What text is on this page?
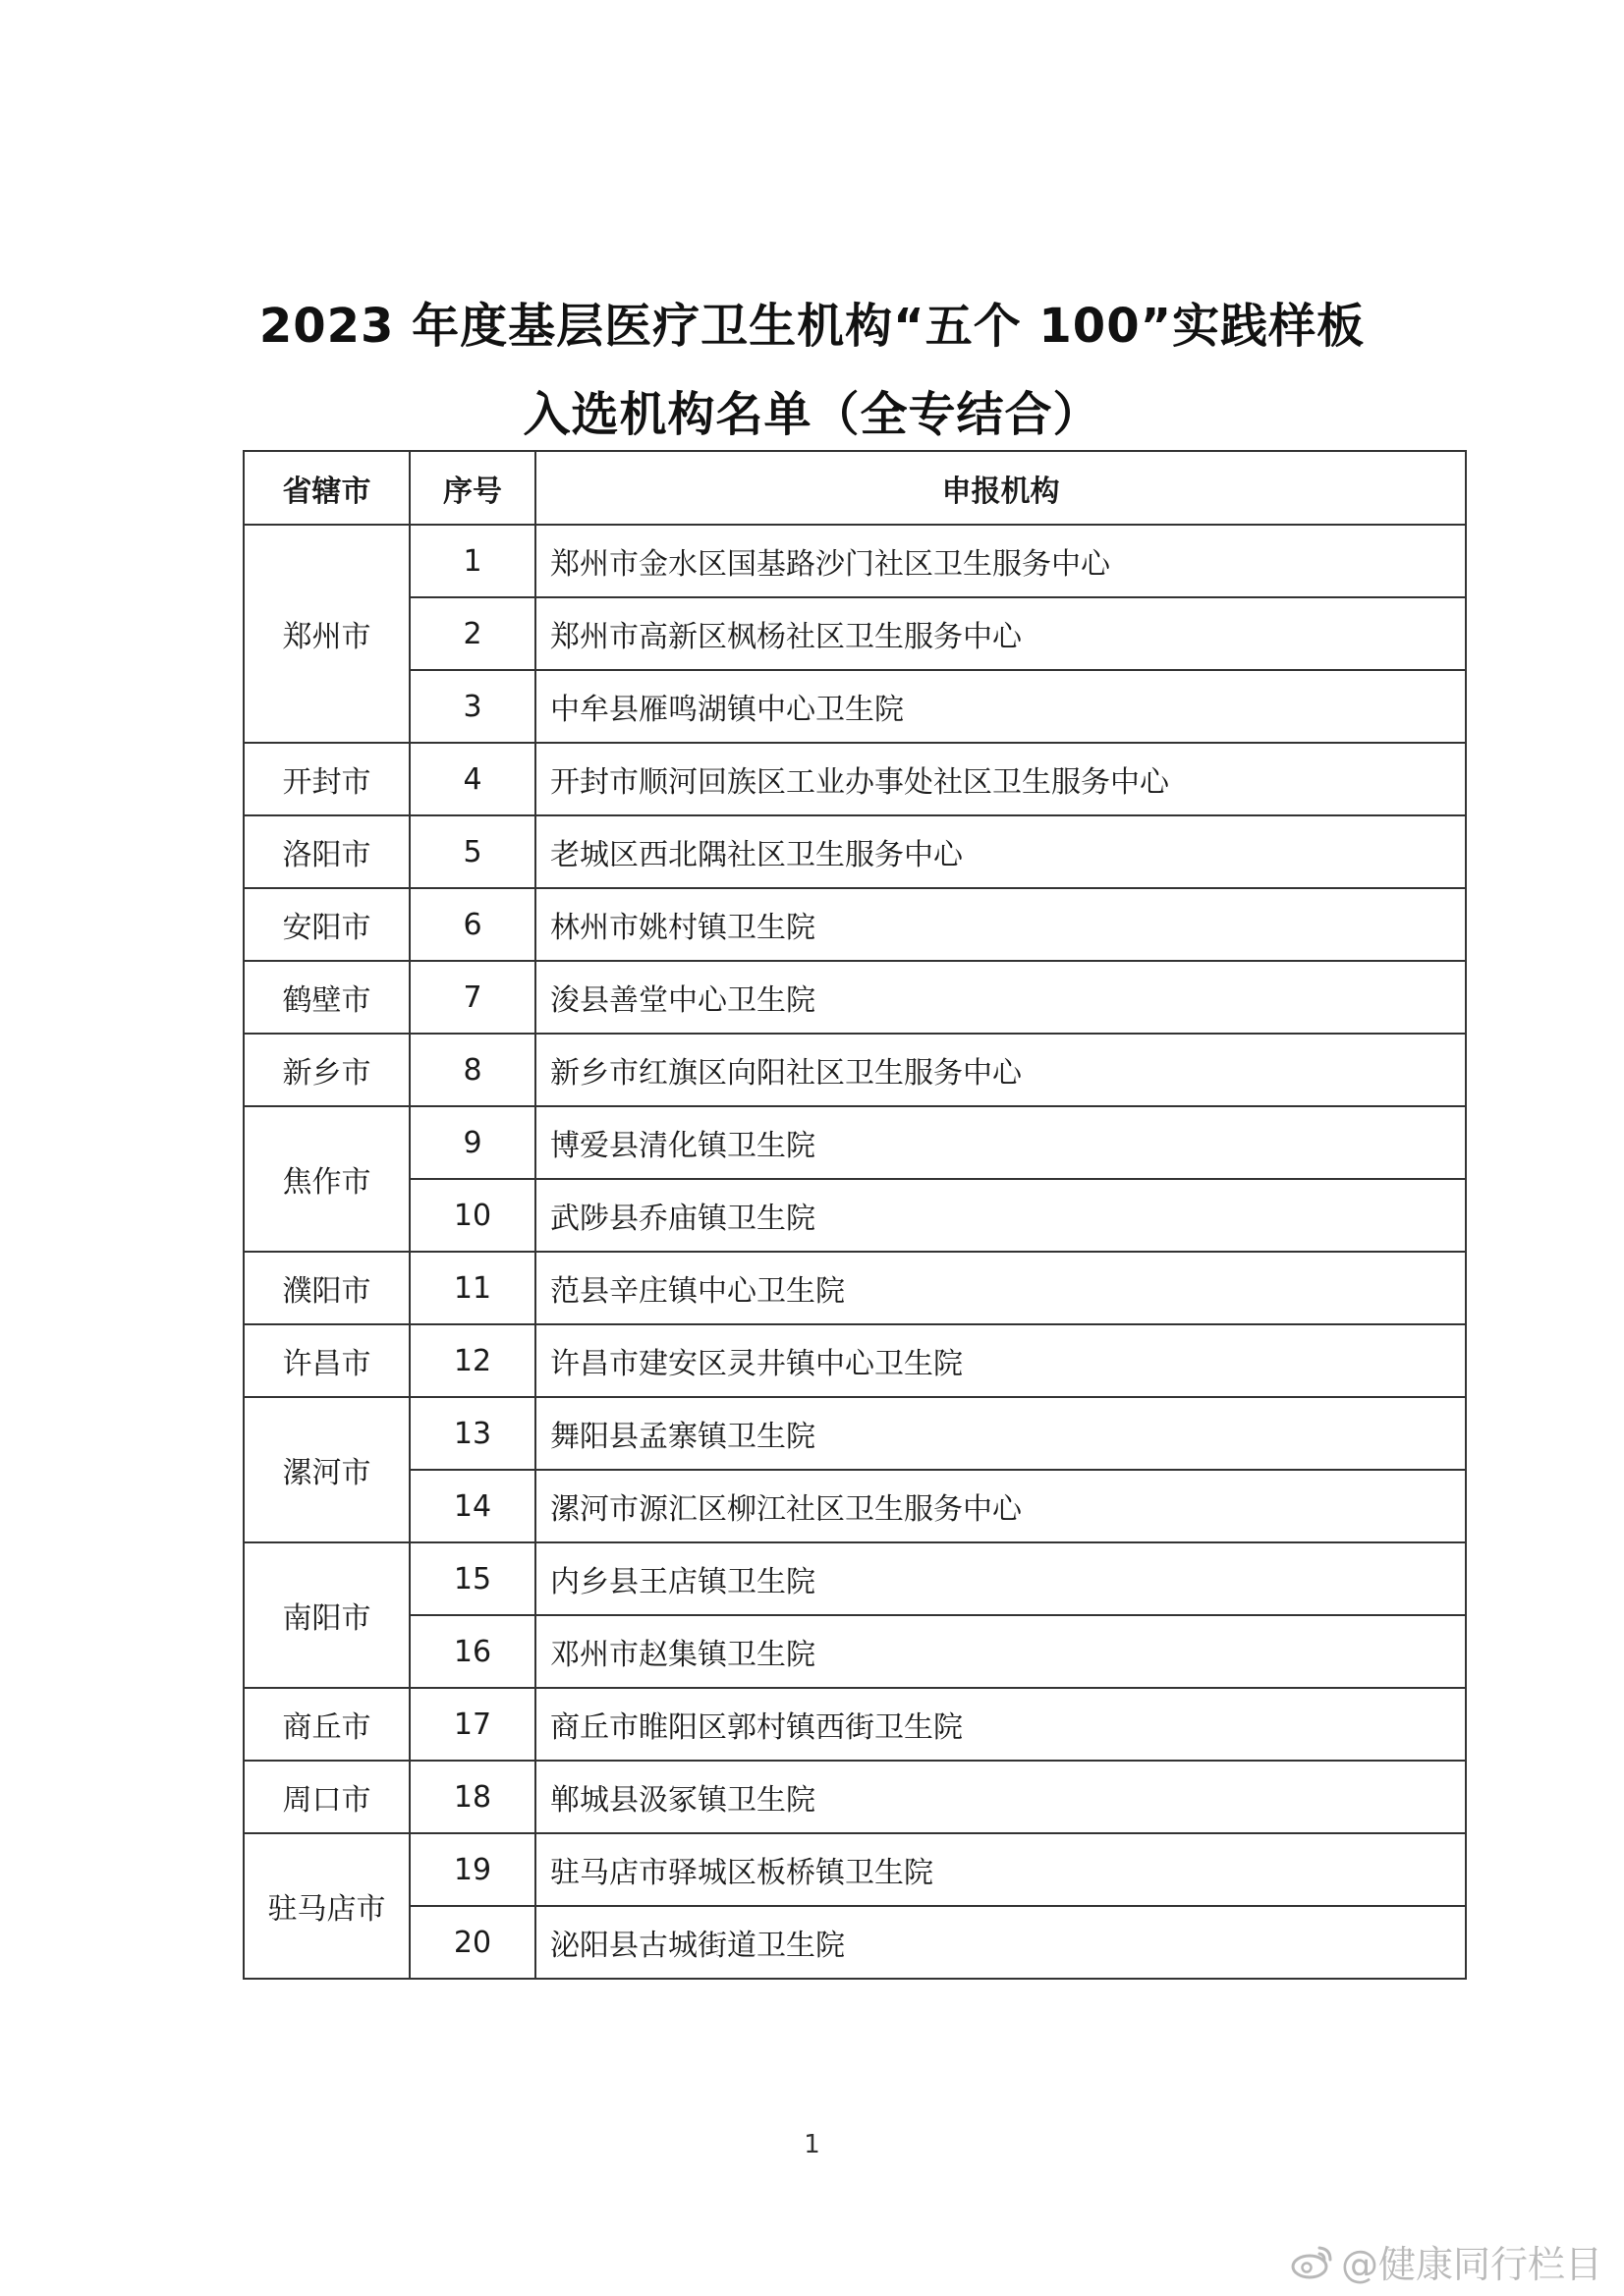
2023 年度基层医疗卫生机构“五个 100”实践样板
入选机构名单（全专结合）
省辖市	序号	申报机构
郑州市	1	郑州市金水区国基路沙门社区卫生服务中心
	2	郑州市高新区枫杨社区卫生服务中心
	3	中牟县雁鸣湖镇中心卫生院
开封市	4	开封市顺河回族区工业办事处社区卫生服务中心
洛阳市	5	老城区西北隅社区卫生服务中心
安阳市	6	林州市姚村镇卫生院
鹤壁市	7	浚县善堂中心卫生院
新乡市	8	新乡市红旗区向阳社区卫生服务中心
焦作市	9	博爱县清化镇卫生院
	10	武陟县乔庙镇卫生院
濮阳市	11	范县辛庄镇中心卫生院
许昌市	12	许昌市建安区灵井镇中心卫生院
漯河市	13	舞阳县孟寨镇卫生院
	14	漯河市源汇区柳江社区卫生服务中心
南阳市	15	内乡县王店镇卫生院
	16	邓州市赵集镇卫生院
商丘市	17	商丘市睢阳区郭村镇西街卫生院
周口市	18	郸城县汲冢镇卫生院
驻马店市	19	驻马店市驿城区板桥镇卫生院
	20	泌阳县古城街道卫生院
1
@健康同行栏目
